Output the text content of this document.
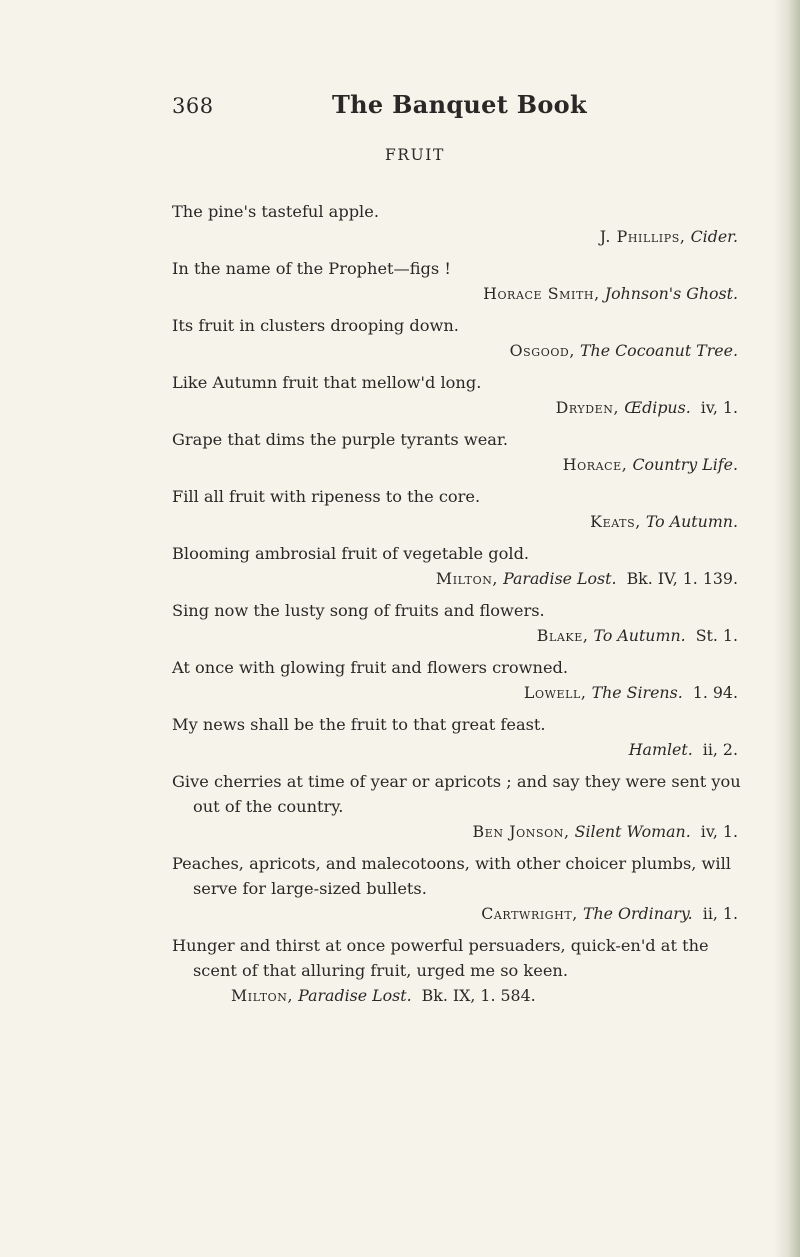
368	The Banquet Book
FRUIT
The pine's tasteful apple.
J. Phillips, Cider.
In the name of the Prophet—figs !
Horace Smith, Johnson's Ghost.
Its fruit in clusters drooping down.
Osgood, The Cocoanut Tree.
Like Autumn fruit that mellow'd long.
Dryden, Œdipus. iv, 1.
Grape that dims the purple tyrants wear.
Horace, Country Life.
Fill all fruit with ripeness to the core.
Keats, To Autumn.
Blooming ambrosial fruit of vegetable gold.
Milton, Paradise Lost. Bk. IV, 1. 139.
Sing now the lusty song of fruits and flowers.
Blake, To Autumn. St. 1.
At once with glowing fruit and flowers crowned.
Lowell, The Sirens. 1. 94.
My news shall be the fruit to that great feast.
Hamlet. ii, 2.
Give cherries at time of year or apricots ; and say they were sent you out of the country.
Ben Jonson, Silent Woman. iv, 1.
Peaches, apricots, and malecotoons, with other choicer plumbs, will serve for large-sized bullets.
Cartwright, The Ordinary. ii, 1.
Hunger and thirst at once powerful persuaders, quick-en'd at the scent of that alluring fruit, urged me so keen.
Milton, Paradise Lost. Bk. IX, 1. 584.
